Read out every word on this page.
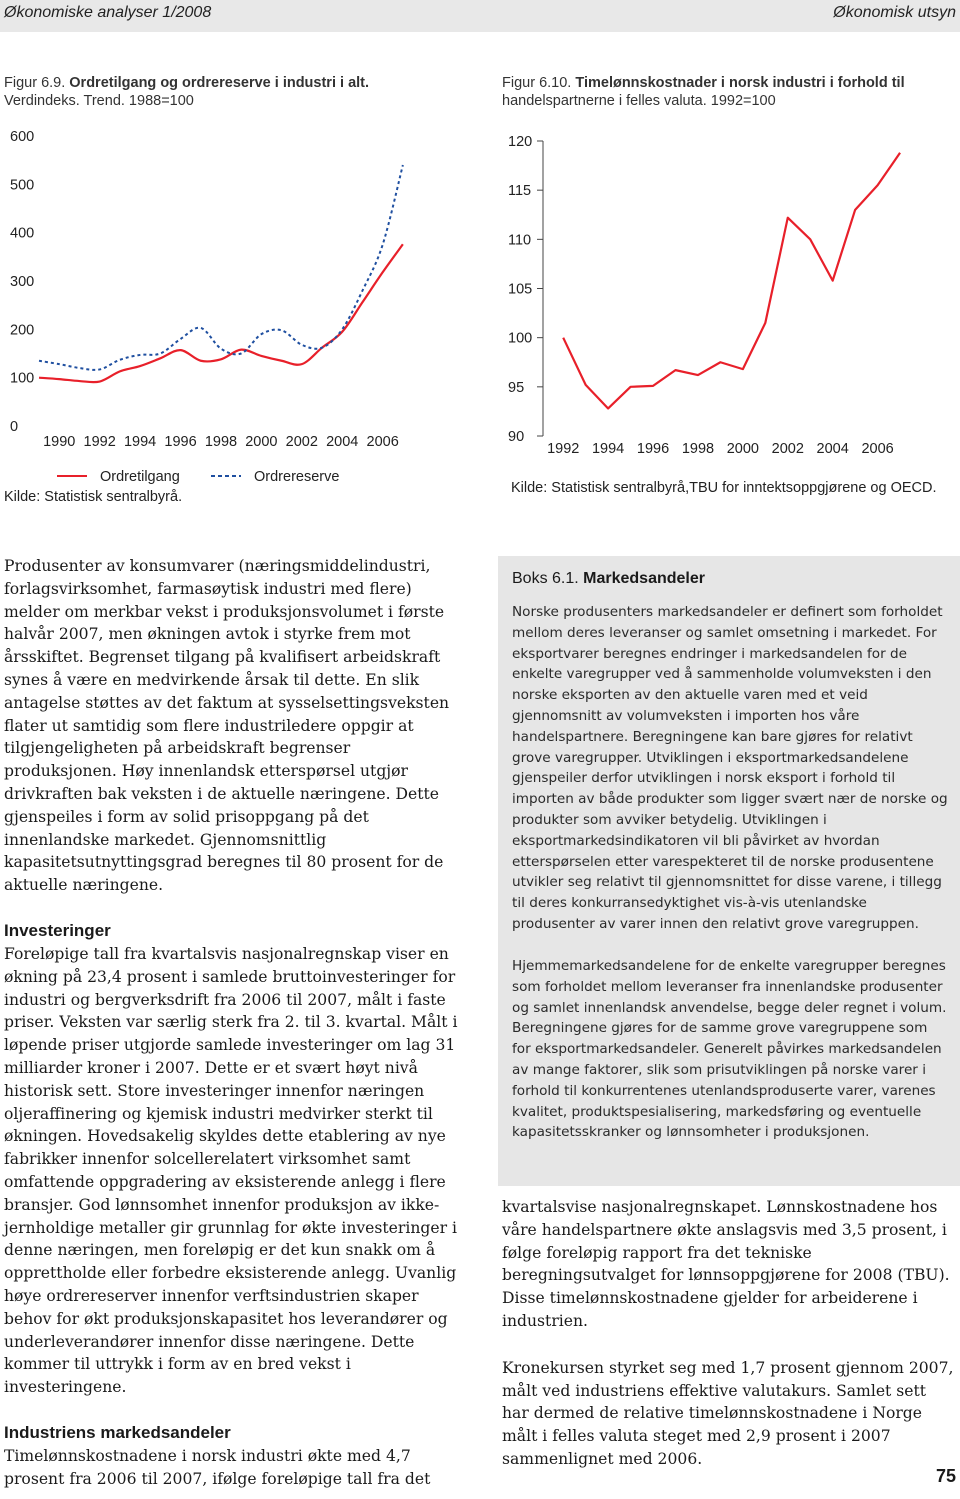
Økonomiske analyser 1/2008	Økonomisk utsyn
Figur 6.9. Ordretilgang og ordrereserve i industri i alt.
Verdindeks. Trend. 1988=100
Figur 6.10. Timelønnskostnader i norsk industri i forhold til
handelspartnerne i felles valuta. 1992=100
0
100
200
300
400
500
600
1990 1992 1994 1996 1998 2000 2002 2004 2006
Ordretilgang	Ordrereserve
90
95
100
105
110
115
120
1992 1994 1996 1998 2000 2002 2004 2006
Kilde: Statistisk sentralbyrå.
Kilde: Statistisk sentralbyrå,TBU for inntektsoppgjørene og OECD.

Produsenter av konsumvarer (næringsmiddelindustri, forlagsvirksomhet, farmasøytisk industri med flere) melder om merkbar vekst i produksjonsvolumet i første halvår 2007, men økningen avtok i styrke frem mot årsskiftet. Begrenset tilgang på kvalifisert arbeidskraft synes å være en medvirkende årsak til dette. En slik antagelse støttes av det faktum at sysselsettingsveksten flater ut samtidig som flere industriledere oppgir at tilgjengeligheten på arbeidskraft begrenser produksjonen. Høy innenlandsk etterspørsel utgjør drivkraften bak veksten i de aktuelle næringene. Dette gjenspeiles i form av solid prisoppgang på det innenlandske markedet. Gjennomsnittlig kapasitetsutnyttingsgrad beregnes til 80 prosent for de aktuelle næringene.

Investeringer

Foreløpige tall fra kvartalsvis nasjonalregnskap viser en økning på 23,4 prosent i samlede bruttoinvesteringer for industri og bergverksdrift fra 2006 til 2007, målt i faste priser. Veksten var særlig sterk fra 2. til 3. kvartal. Målt i løpende priser utgjorde samlede investeringer om lag 31 milliarder kroner i 2007. Dette er et svært høyt nivå historisk sett. Store investeringer innenfor næringen oljeraffinering og kjemisk industri medvirker sterkt til økningen. Hovedsakelig skyldes dette etablering av nye fabrikker innenfor solcellerelatert virksomhet samt omfattende oppgradering av eksisterende anlegg i flere bransjer. God lønnsomhet innenfor produksjon av ikke-jernholdige metaller gir grunnlag for økte investeringer i denne næringen, men foreløpig er det kun snakk om å opprettholde eller forbedre eksisterende anlegg. Uvanlig høye ordrereserver innenfor verftsindustrien skaper behov for økt produksjonskapasitet hos leverandører og underleverandører innenfor disse næringene. Dette kommer til uttrykk i form av en bred vekst i investeringene.

Industriens markedsandeler

Timelønnskostnadene i norsk industri økte med 4,7 prosent fra 2006 til 2007, ifølge foreløpige tall fra det

Boks 6.1. Markedsandeler
Norske produsenters markedsandeler er definert som forholdet mellom deres leveranser og samlet omsetning i markedet. For eksportvarer beregnes endringer i markedsandelen for de enkelte varegrupper ved å sammenholde volumveksten i den norske eksporten av den aktuelle varen med et veid gjennomsnitt av volumveksten i importen hos våre handelspartnere. Beregningene kan bare gjøres for relativt grove varegrupper. Utviklingen i eksportmarkedsandelene gjenspeiler derfor utviklingen i norsk eksport i forhold til importen av både produkter som ligger svært nær de norske og produkter som avviker betydelig. Utviklingen i eksportmarkedsindikatoren vil bli påvirket av hvordan etterspørselen etter varespekteret til de norske produsentene utvikler seg relativt til gjennomsnittet for disse varene, i tillegg til deres konkurransedyktighet vis-à-vis utenlandske produsenter av varer innen den relativt grove varegruppen.
Hjemmemarkedsandelene for de enkelte varegrupper beregnes som forholdet mellom leveranser fra innenlandske produsenter og samlet innenlandsk anvendelse, begge deler regnet i volum. Beregningene gjøres for de samme grove varegruppene som for eksportmarkedsandeler. Generelt påvirkes markedsandelen av mange faktorer, slik som prisutviklingen på norske varer i forhold til konkurrentenes utenlandsproduserte varer, varenes kvalitet, produktspesialisering, markedsføring og eventuelle kapasitetsskranker og lønnsomheter i produksjonen.

kvartalsvise nasjonalregnskapet. Lønnskostnadene hos våre handelspartnere økte anslagsvis med 3,5 prosent, i følge foreløpig rapport fra det tekniske beregningsutvalget for lønnsoppgjørene for 2008 (TBU). Disse timelønnskostnadene gjelder for arbeiderene i industrien.

Kronekursen styrket seg med 1,7 prosent gjennom 2007, målt ved industriens effektive valutakurs. Samlet sett har dermed de relative timelønnskostnadene i Norge målt i felles valuta steget med 2,9 prosent i 2007 sammenlignet med 2006.

75
